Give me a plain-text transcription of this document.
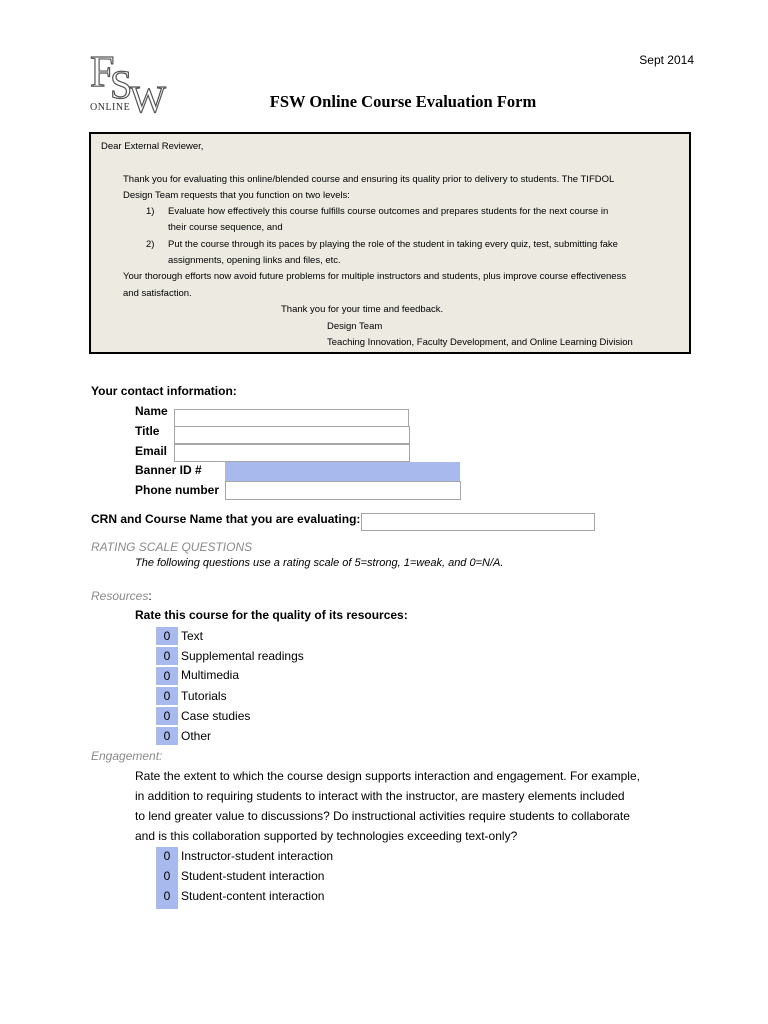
F
S
W
ONLINE
Sept 2014
FSW Online Course Evaluation Form
Dear External Reviewer,
Thank you for evaluating this online/blended course and ensuring its quality prior to delivery to students. The TIFDOL
Design Team requests that you function on two levels:
1) Evaluate how effectively this course fulfills course outcomes and prepares students for the next course in
their course sequence, and
2) Put the course through its paces by playing the role of the student in taking every quiz, test, submitting fake
assignments, opening links and files, etc.
Your thorough efforts now avoid future problems for multiple instructors and students, plus improve course effectiveness
and satisfaction.
Thank you for your time and feedback.
Design Team
Teaching Innovation, Faculty Development, and Online Learning Division
Your contact information:
Name
Title
Email
Banner ID #
Phone number
CRN and Course Name that you are evaluating:
RATING SCALE QUESTIONS
The following questions use a rating scale of 5=strong, 1=weak, and 0=N/A.
Resources:
Rate this course for the quality of its resources:
0 Text
0 Supplemental readings
0 Multimedia
0 Tutorials
0 Case studies
0 Other
Engagement:
Rate the extent to which the course design supports interaction and engagement. For example,
in addition to requiring students to interact with the instructor, are mastery elements included
to lend greater value to discussions? Do instructional activities require students to collaborate
and is this collaboration supported by technologies exceeding text-only?
0 Instructor-student interaction
0 Student-student interaction
0 Student-content interaction
